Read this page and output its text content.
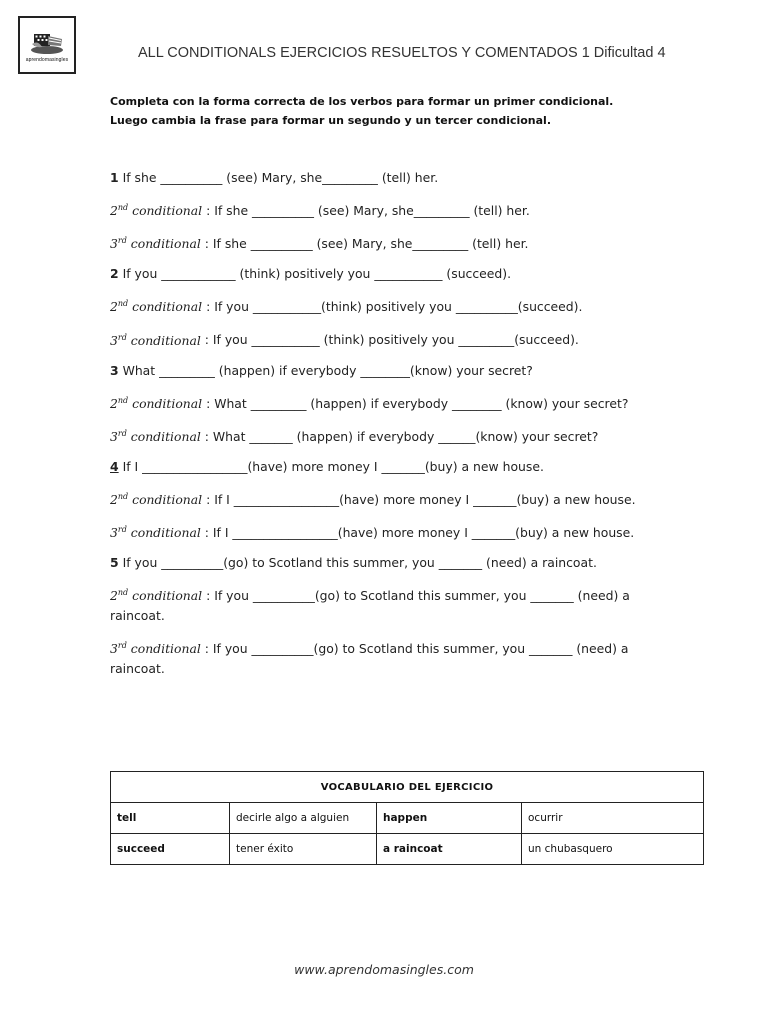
aprendomasingles	ALL CONDITIONALS EJERCICIOS RESUELTOS Y COMENTADOS 1 Dificultad 4
Completa con la forma correcta de los verbos para formar un primer condicional.
Luego cambia la frase para formar un segundo y un tercer condicional.
1 If she __________ (see) Mary, she_________ (tell) her.
2nd conditional : If she __________ (see) Mary, she_________ (tell) her.
3rd conditional : If she __________ (see) Mary, she_________ (tell) her.
2 If you ____________ (think) positively you ___________ (succeed).
2nd conditional : If you ___________(think) positively you __________(succeed).
3rd conditional : If you ___________ (think) positively you _________(succeed).
3 What _________ (happen) if everybody ________(know) your secret?
2nd conditional : What _________ (happen) if everybody ________ (know) your secret?
3rd conditional : What _______ (happen) if everybody ______(know) your secret?
4 If I _________________(have) more money I _______(buy) a new house.
2nd conditional : If I _________________(have) more money I _______(buy) a new house.
3rd conditional : If I _________________(have) more money I _______(buy) a new house.
5 If you __________(go) to Scotland this summer, you _______ (need) a raincoat.
2nd conditional : If you __________(go) to Scotland this summer, you _______ (need) a raincoat.
3rd conditional : If you __________(go) to Scotland this summer, you _______ (need) a raincoat.
VOCABULARIO DEL EJERCICIO			
tell	decirle algo a alguien	happen	ocurrir
succeed	tener éxito	a raincoat	un chubasquero
www.aprendomasingles.com
